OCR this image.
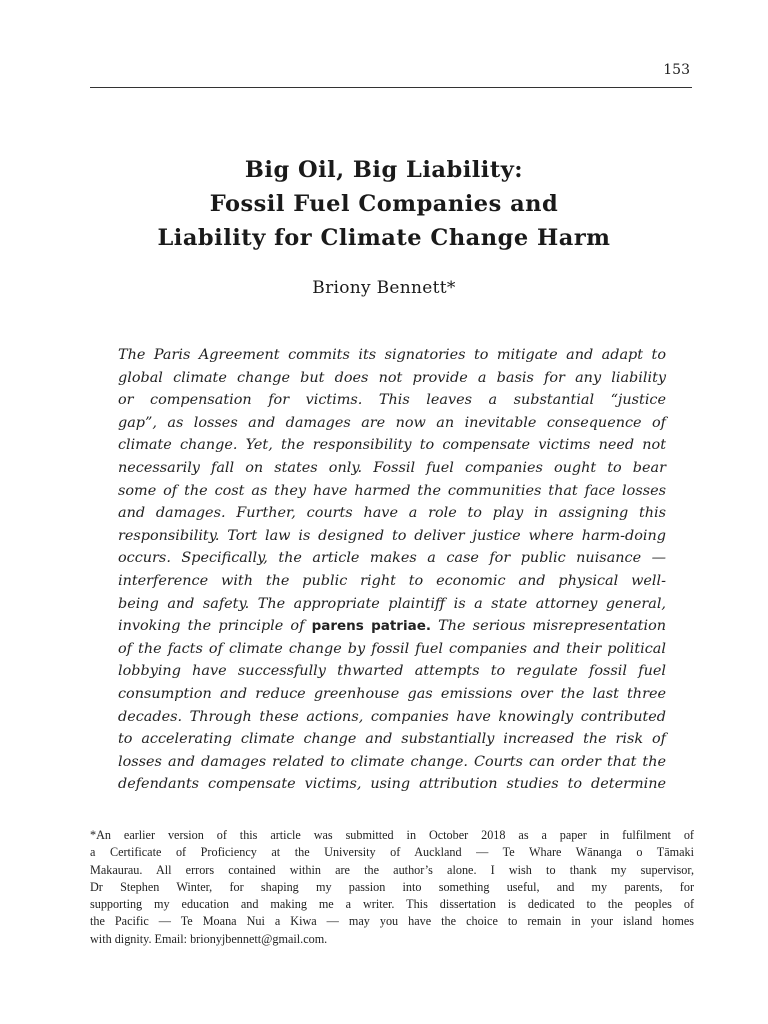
153
Big Oil, Big Liability:
Fossil Fuel Companies and
Liability for Climate Change Harm
Briony Bennett*
The Paris Agreement commits its signatories to mitigate and adapt to
global climate change but does not provide a basis for any liability
or compensation for victims. This leaves a substantial “justice
gap”, as losses and damages are now an inevitable consequence of
climate change. Yet, the responsibility to compensate victims need not
necessarily fall on states only. Fossil fuel companies ought to bear
some of the cost as they have harmed the communities that face losses
and damages. Further, courts have a role to play in assigning this
responsibility. Tort law is designed to deliver justice where harm-doing
occurs. Specifically, the article makes a case for public nuisance —
interference with the public right to economic and physical well-
being and safety. The appropriate plaintiff is a state attorney general,
invoking the principle of parens patriae. The serious misrepresentation
of the facts of climate change by fossil fuel companies and their political
lobbying have successfully thwarted attempts to regulate fossil fuel
consumption and reduce greenhouse gas emissions over the last three
decades. Through these actions, companies have knowingly contributed
to accelerating climate change and substantially increased the risk of
losses and damages related to climate change. Courts can order that the
defendants compensate victims, using attribution studies to determine
*An earlier version of this article was submitted in October 2018 as a paper in fulfilment of
a Certificate of Proficiency at the University of Auckland — Te Whare Wānanga o Tāmaki
Makaurau. All errors contained within are the author’s alone. I wish to thank my supervisor,
Dr Stephen Winter, for shaping my passion into something useful, and my parents, for
supporting my education and making me a writer. This dissertation is dedicated to the peoples of
the Pacific — Te Moana Nui a Kiwa — may you have the choice to remain in your island homes
with dignity. Email: brionyjbennett@gmail.com.
